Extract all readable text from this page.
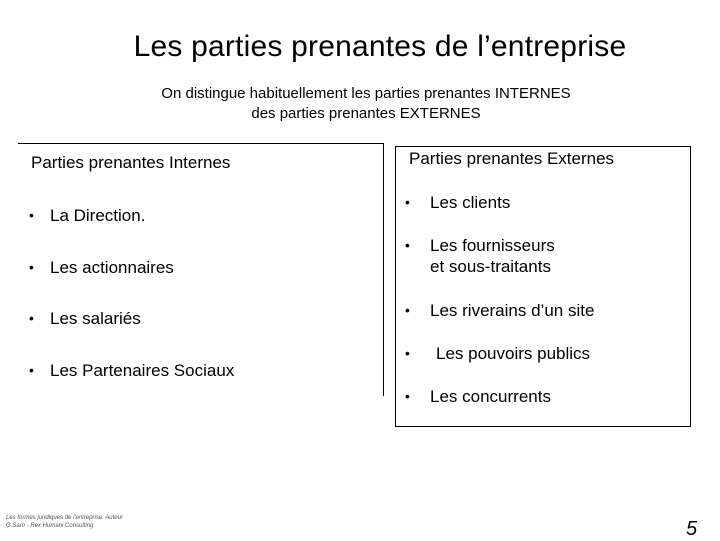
Les parties prenantes de l’entreprise
On distingue habituellement les parties prenantes INTERNES
des parties prenantes EXTERNES
Parties prenantes Internes
• La Direction.
• Les actionnaires
• Les salariés
• Les Partenaires Sociaux
Parties prenantes Externes
• Les clients
• Les fournisseurs
et sous-traitants
• Les riverains d’un site
• Les pouvoirs publics
• Les concurrents
Les formes juridiques de l'entreprise. Auteur
G.Saro - Rex Humani Consulting	5
